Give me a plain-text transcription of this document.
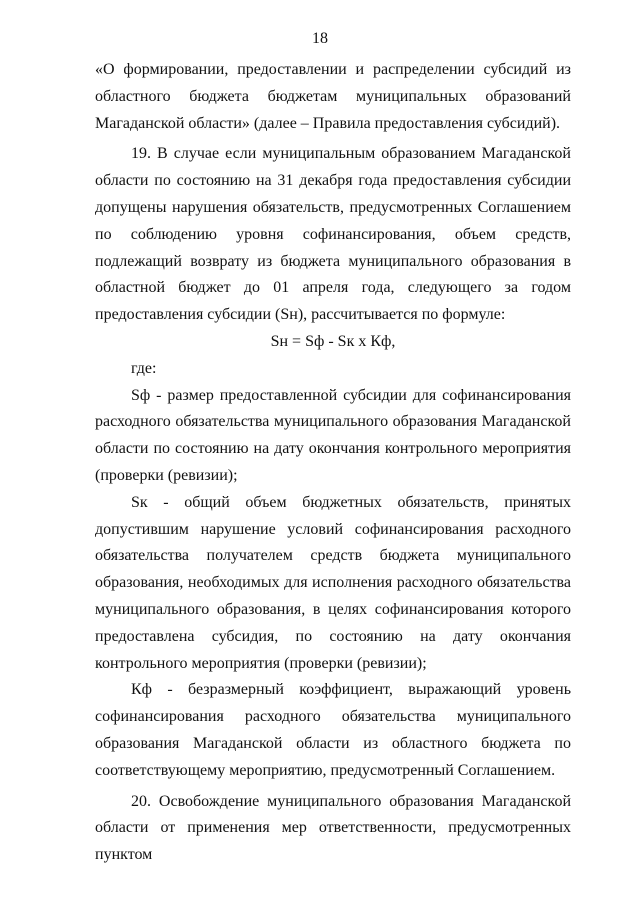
18

«О формировании, предоставлении и распределении субсидий из областного бюджета бюджетам муниципальных образований Магаданской области» (далее – Правила предоставления субсидий).

19. В случае если муниципальным образованием Магаданской области по состоянию на 31 декабря года предоставления субсидии допущены нарушения обязательств, предусмотренных Соглашением по соблюдению уровня софинансирования, объем средств, подлежащий возврату из бюджета муниципального образования в областной бюджет до 01 апреля года, следующего за годом предоставления субсидии (Sн), рассчитывается по формуле:

Sн = Sф - Sк x Кф,

где:

Sф - размер предоставленной субсидии для софинансирования расходного обязательства муниципального образования Магаданской области по состоянию на дату окончания контрольного мероприятия (проверки (ревизии);

Sк - общий объем бюджетных обязательств, принятых допустившим нарушение условий софинансирования расходного обязательства получателем средств бюджета муниципального образования, необходимых для исполнения расходного обязательства муниципального образования, в целях софинансирования которого предоставлена субсидия, по состоянию на дату окончания контрольного мероприятия (проверки (ревизии);

Кф - безразмерный коэффициент, выражающий уровень софинансирования расходного обязательства муниципального образования Магаданской области из областного бюджета по соответствующему мероприятию, предусмотренный Соглашением.

20. Освобождение муниципального образования Магаданской области от применения мер ответственности, предусмотренных пунктом
